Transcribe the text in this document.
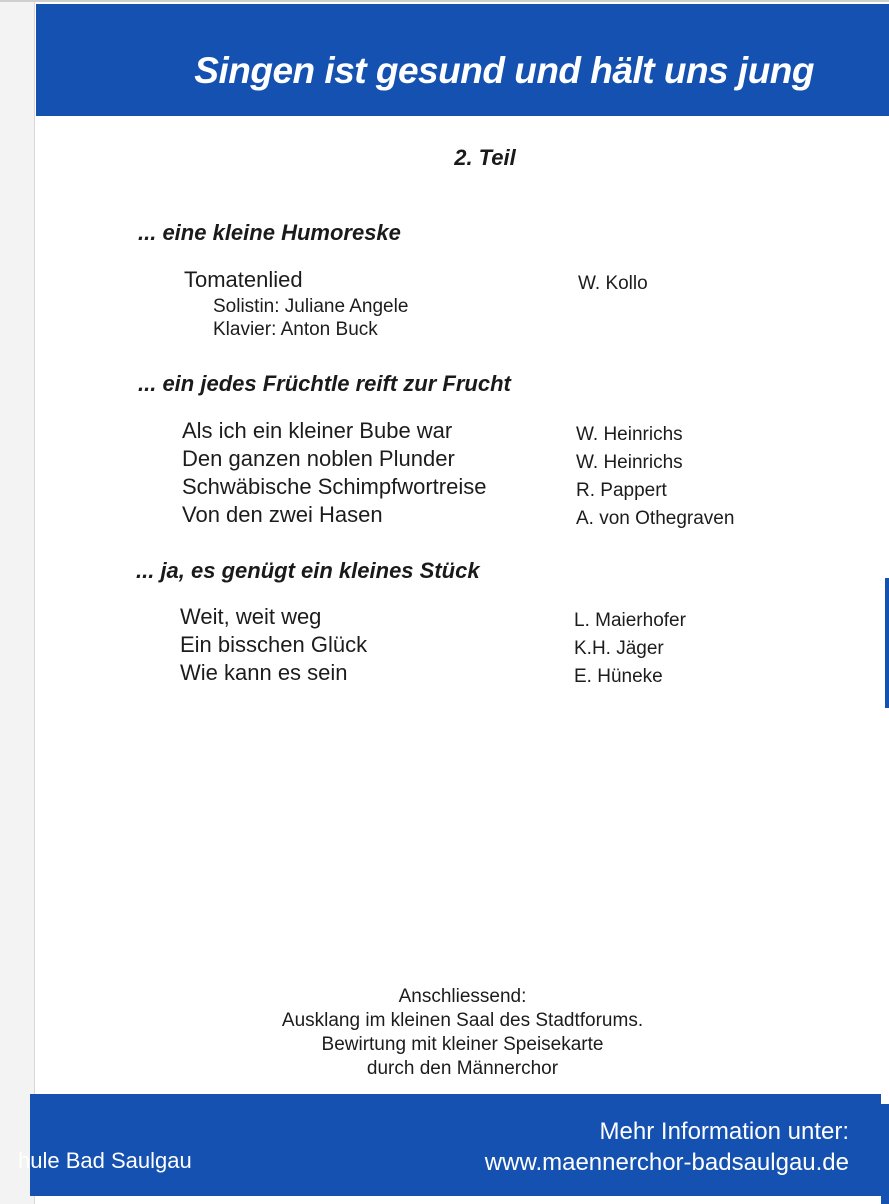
Singen ist gesund und hält uns jung
2. Teil
... eine kleine Humoreske
Tomatenlied	W. Kollo
Solistin: Juliane Angele
Klavier: Anton Buck
... ein jedes Früchtle reift zur Frucht
Als ich ein kleiner Bube war	W. Heinrichs
Den ganzen noblen Plunder	W. Heinrichs
Schwäbische Schimpfwortreise	R. Pappert
Von den zwei Hasen	A. von Othegraven
... ja, es genügt ein kleines Stück
Weit, weit weg	L. Maierhofer
Ein bisschen Glück	K.H. Jäger
Wie kann es sein	E. Hüneke
Anschliessend:
Ausklang im kleinen Saal des Stadtforums.
Bewirtung mit kleiner Speisekarte
durch den Männerchor
hule Bad Saulgau
Mehr Information unter:
www.maennerchor-badsaulgau.de
